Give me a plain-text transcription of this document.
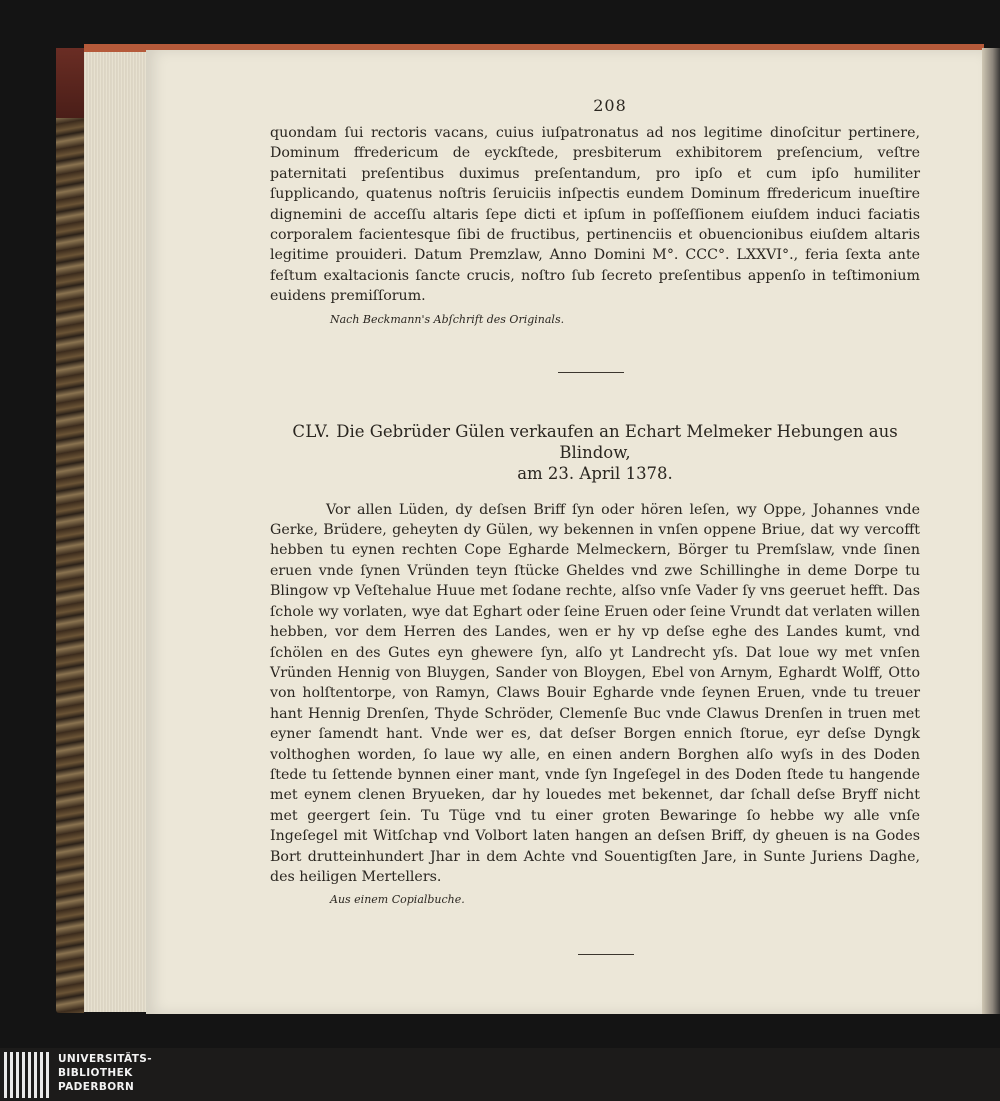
208

quondam ſui rectoris vacans, cuius iuſpatronatus ad nos legitime dinoſcitur pertinere, Dominum ffredericum de eyckſtede, presbiterum exhibitorem preſencium, veſtre paternitati preſentibus duximus preſentandum, pro ipſo et cum ipſo humiliter ſupplicando, quatenus noſtris ſeruiciis inſpectis eundem Dominum ffredericum inueſtire dignemini de acceſſu altaris ſepe dicti et ipſum in poſſeſſionem eiuſdem induci faciatis corporalem facientesque ſibi de fructibus, pertinenciis et obuencionibus eiuſdem altaris legitime prouideri. Datum Premzlaw, Anno Domini M°. CCC°. LXXVI°., feria ſexta ante feſtum exaltacionis ſancte crucis, noſtro ſub ſecreto preſentibus appenſo in teſtimonium euidens premiſſorum.

Nach Beckmann's Abſchrift des Originals.
CLV. Die Gebrüder Gülen verkaufen an Echart Melmeker Hebungen aus Blindow,
am 23. April 1378.

Vor allen Lüden, dy deſsen Briff ſyn oder hören leſen, wy Oppe, Johannes vnde Gerke, Brüdere, geheyten dy Gülen, wy bekennen in vnſen oppene Briue, dat wy vercofft hebben tu eynen rechten Cope Egharde Melmeckern, Börger tu Premſslaw, vnde ſinen eruen vnde ſynen Vründen teyn ſtücke Gheldes vnd zwe Schillinghe in deme Dorpe tu Blingow vp Veſtehalue Huue met ſodane rechte, alſso vnſe Vader ſy vns geeruet hefft. Das ſchole wy vorlaten, wye dat Eghart oder ſeine Eruen oder ſeine Vrundt dat verlaten willen hebben, vor dem Herren des Landes, wen er hy vp deſse eghe des Landes kumt, vnd ſchölen en des Gutes eyn ghewere ſyn, alſo yt Landrecht yſs. Dat loue wy met vnſen Vründen Hennig von Bluygen, Sander von Bloygen, Ebel von Arnym, Eghardt Wolff, Otto von holſtentorpe, von Ramyn, Claws Bouir Egharde vnde ſeynen Eruen, vnde tu treuer hant Hennig Drenſen, Thyde Schröder, Clemenſe Buc vnde Clawus Drenſen in truen met eyner ſamendt hant. Vnde wer es, dat deſser Borgen ennich ſtorue, eyr deſse Dyngk volthoghen worden, ſo laue wy alle, en einen andern Borghen alſo wyſs in des Doden ſtede tu ſettende bynnen einer mant, vnde ſyn Ingeſegel in des Doden ſtede tu hangende met eynem clenen Bryueken, dar hy louedes met bekennet, dar ſchall deſse Bryff nicht met geergert ſein. Tu Tüge vnd tu einer groten Bewaringe ſo hebbe wy alle vnſe Ingeſegel mit Witſchap vnd Volbort laten hangen an deſsen Briff, dy gheuen is na Godes Bort drutteinhundert Jhar in dem Achte vnd Souentigſten Jare, in Sunte Juriens Daghe, des heiligen Mertellers.

Aus einem Copialbuche.
UNIVERSITÄTS-
BIBLIOTHEK
PADERBORN
